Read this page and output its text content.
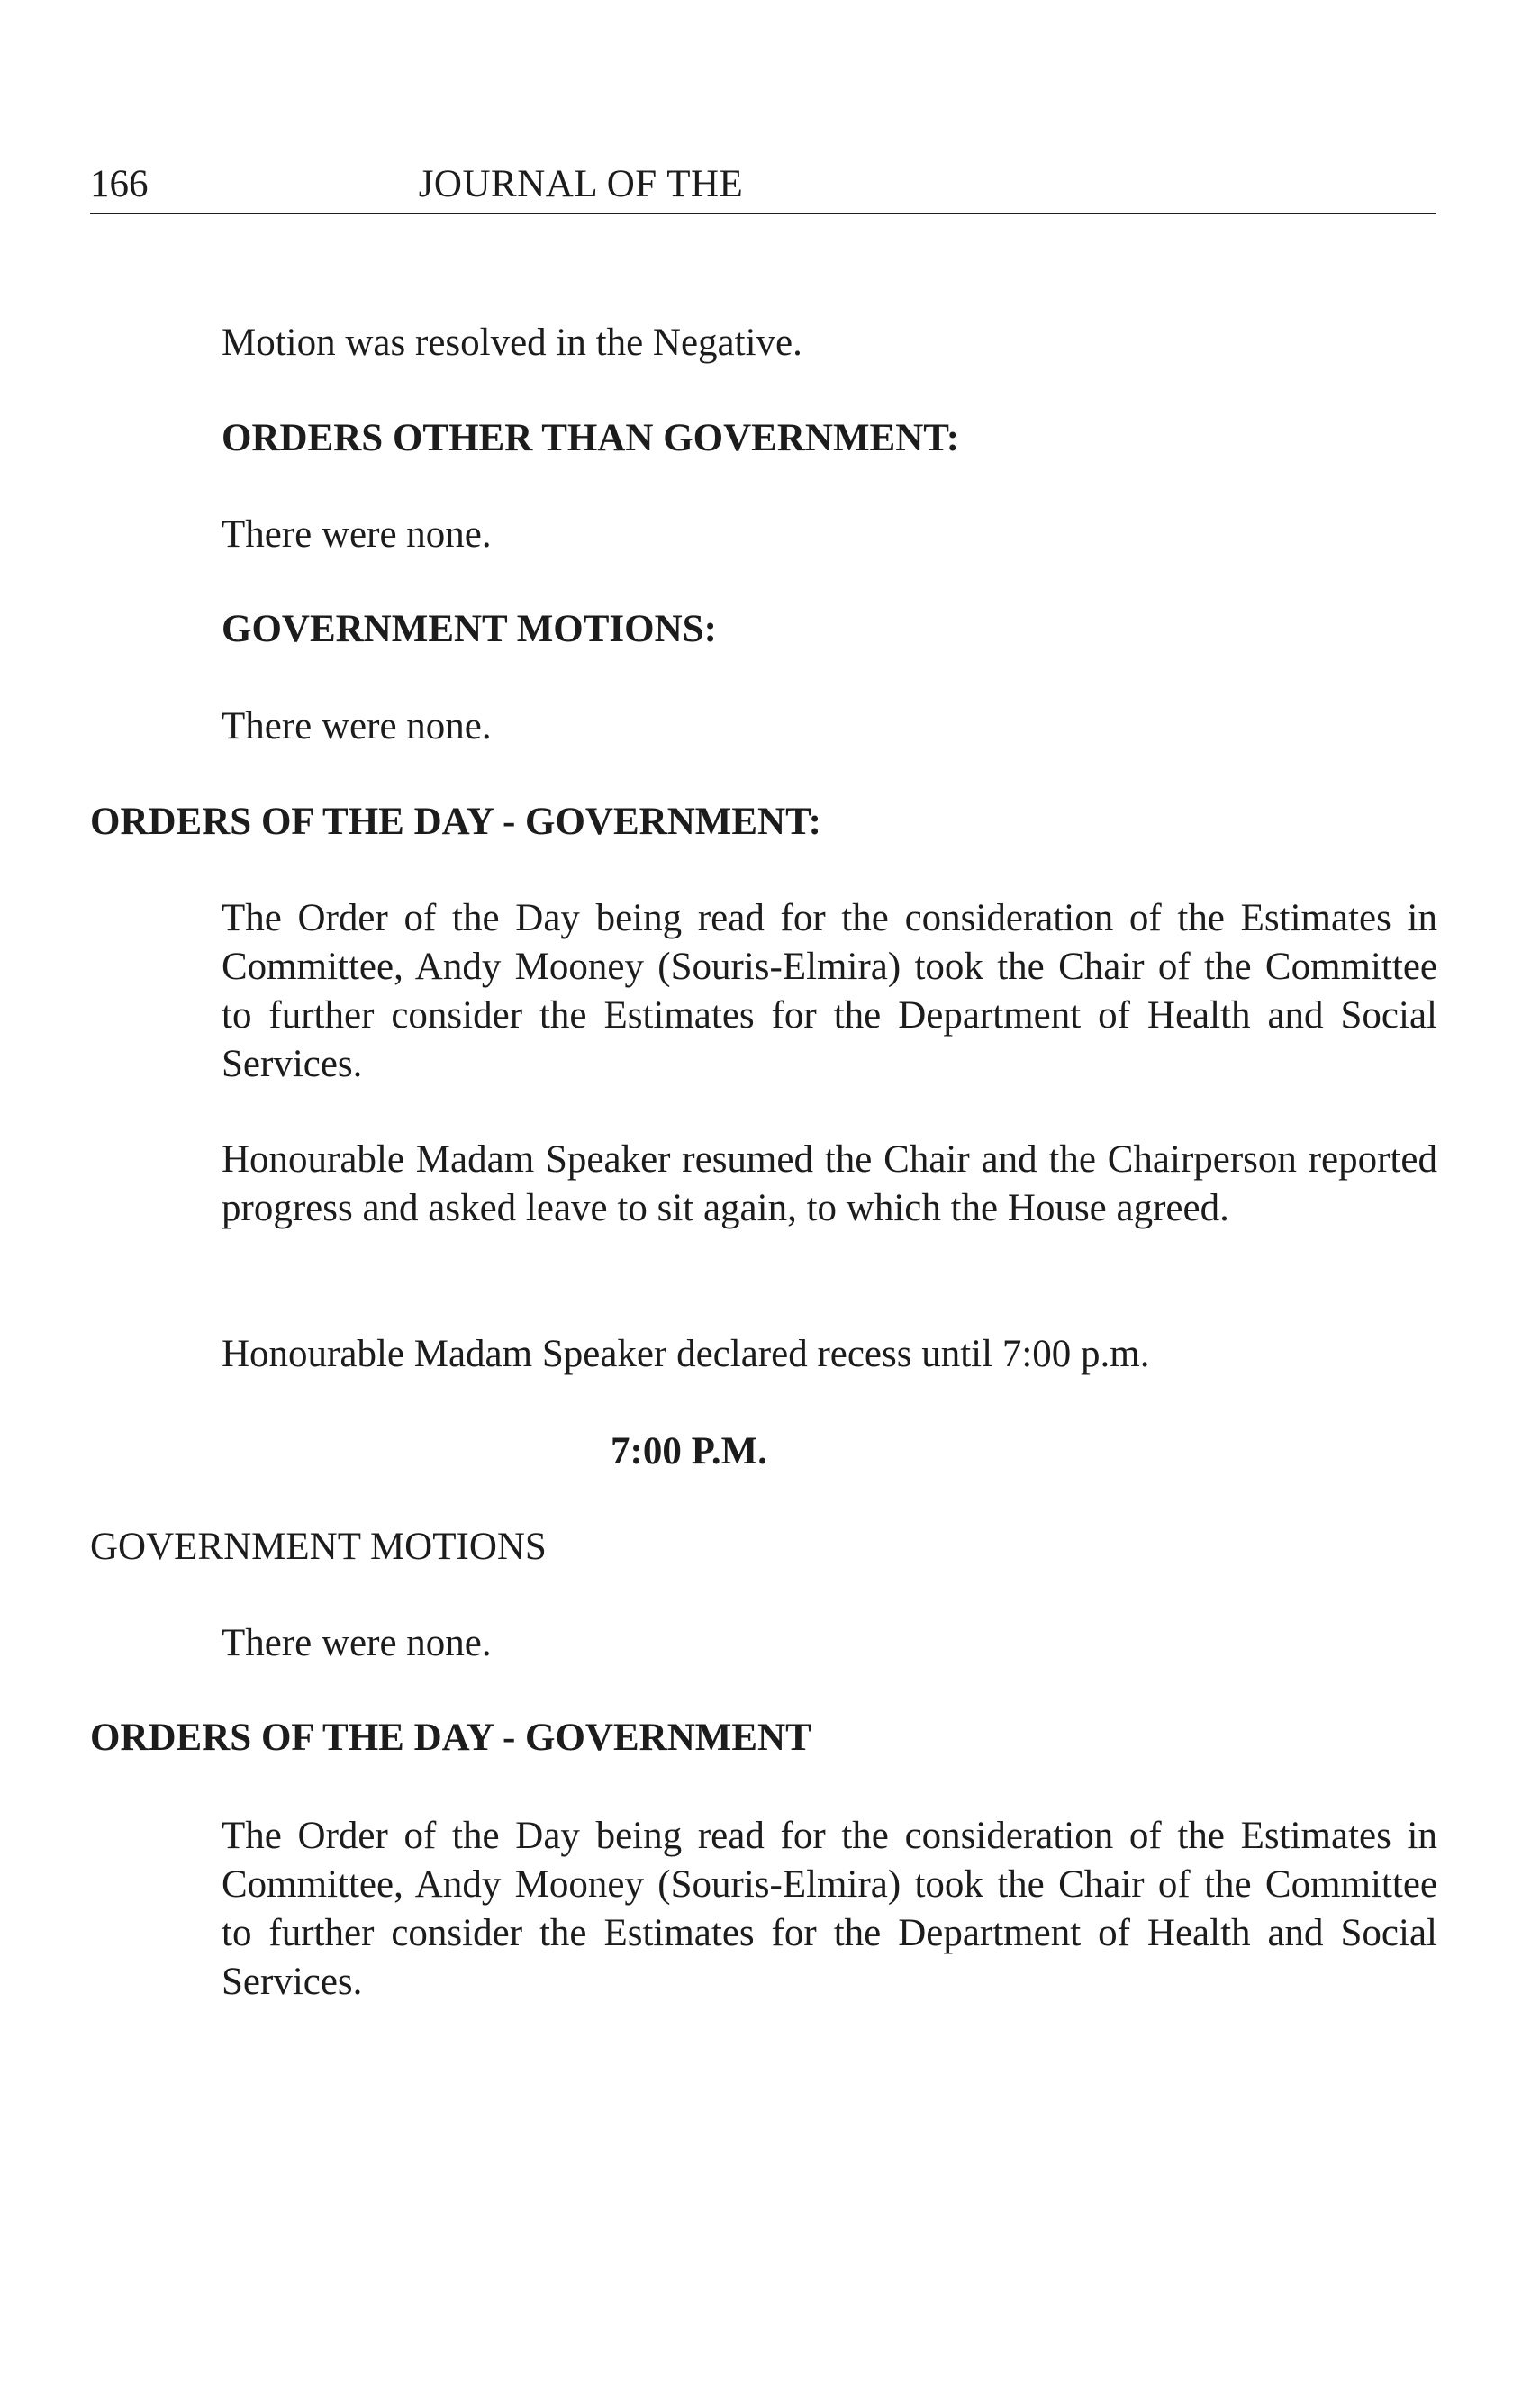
166	JOURNAL OF THE

Motion was resolved in the Negative.

ORDERS OTHER THAN GOVERNMENT:

There were none.

GOVERNMENT MOTIONS:

There were none.

ORDERS OF THE DAY - GOVERNMENT:

The Order of the Day being read for the consideration of the Estimates in Committee, Andy Mooney (Souris-Elmira) took the Chair of the Committee to further consider the Estimates for the Department of Health and Social Services.

Honourable Madam Speaker resumed the Chair and the Chairperson reported progress and asked leave to sit again, to which the House agreed.

Honourable Madam Speaker declared recess until 7:00 p.m.

7:00 P.M.

GOVERNMENT MOTIONS

There were none.

ORDERS OF THE DAY - GOVERNMENT

The Order of the Day being read for the consideration of the Estimates in Committee, Andy Mooney (Souris-Elmira) took the Chair of the Committee to further consider the Estimates for the Department of Health and Social Services.
